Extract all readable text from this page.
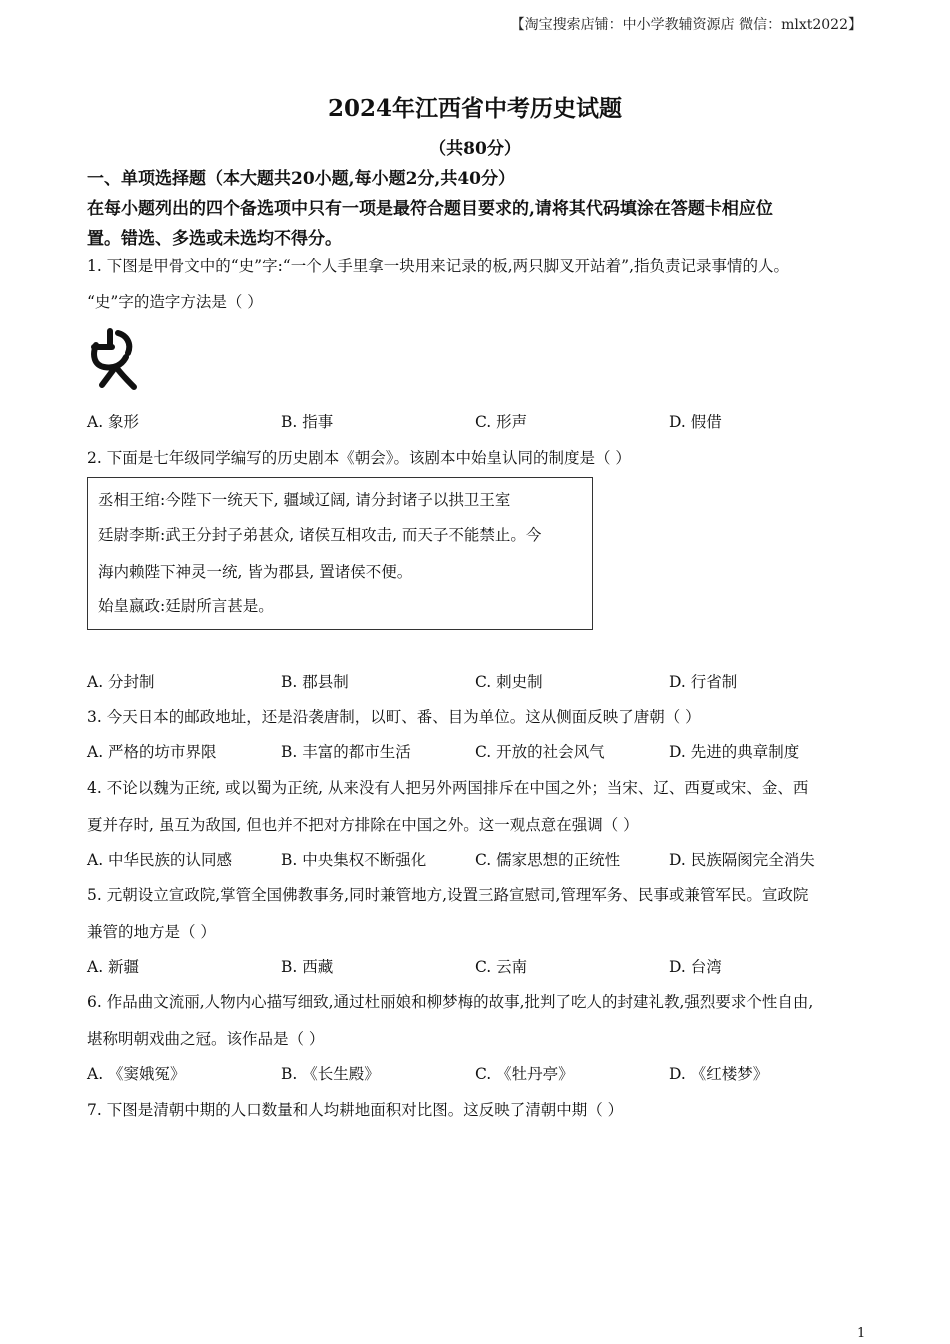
【淘宝搜索店铺：中小学教辅资源店 微信：mlxt2022】
2024年江西省中考历史试题
（共80分）
一、单项选择题（本大题共20小题,每小题2分,共40分）
在每小题列出的四个备选项中只有一项是最符合题目要求的,请将其代码填涂在答题卡相应位
置。错选、多选或未选均不得分。
1. 下图是甲骨文中的“史”字:“一个人手里拿一块用来记录的板,两只脚叉开站着”,指负责记录事情的人。
“史”字的造字方法是（ ）
A. 象形	B. 指事	C. 形声	D. 假借
2. 下面是七年级同学编写的历史剧本《朝会》。该剧本中始皇认同的制度是（ ）
丞相王绾:今陛下一统天下, 疆域辽阔, 请分封诸子以拱卫王室
廷尉李斯:武王分封子弟甚众, 诸侯互相攻击, 而天子不能禁止。今
海内赖陛下神灵一统, 皆为郡县, 置诸侯不便。
始皇嬴政:廷尉所言甚是。
A. 分封制	B. 郡县制	C. 刺史制	D. 行省制
3. 今天日本的邮政地址，还是沿袭唐制，以町、番、目为单位。这从侧面反映了唐朝（ ）
A. 严格的坊市界限	B. 丰富的都市生活	C. 开放的社会风气	D. 先进的典章制度
4. 不论以魏为正统, 或以蜀为正统, 从来没有人把另外两国排斥在中国之外；当宋、辽、西夏或宋、金、西
夏并存时, 虽互为敌国, 但也并不把对方排除在中国之外。这一观点意在强调（ ）
A. 中华民族的认同感	B. 中央集权不断强化	C. 儒家思想的正统性	D. 民族隔阂完全消失
5. 元朝设立宣政院,掌管全国佛教事务,同时兼管地方,设置三路宣慰司,管理军务、民事或兼管军民。宣政院
兼管的地方是（ ）
A. 新疆	B. 西藏	C. 云南	D. 台湾
6. 作品曲文流丽,人物内心描写细致,通过杜丽娘和柳梦梅的故事,批判了吃人的封建礼教,强烈要求个性自由,
堪称明朝戏曲之冠。该作品是（ ）
A. 《窦娥冤》	B. 《长生殿》	C. 《牡丹亭》	D. 《红楼梦》
7. 下图是清朝中期的人口数量和人均耕地面积对比图。这反映了清朝中期（ ）
1
